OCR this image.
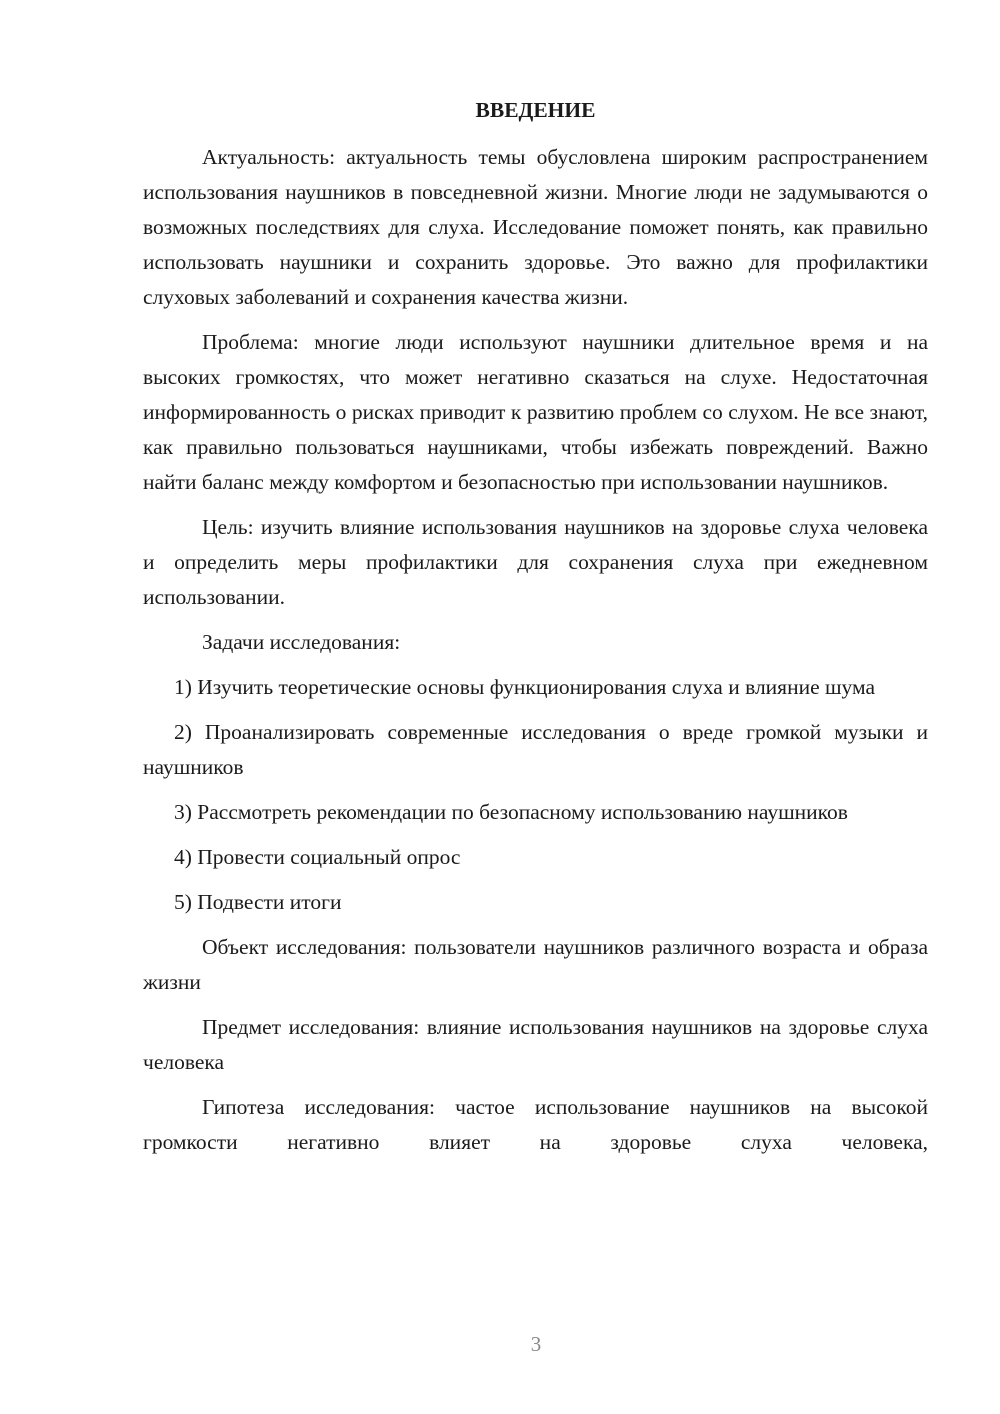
ВВЕДЕНИЕ

Актуальность: актуальность темы обусловлена широким распространением использования наушников в повседневной жизни. Многие люди не задумываются о возможных последствиях для слуха. Исследование поможет понять, как правильно использовать наушники и сохранить здоровье. Это важно для профилактики слуховых заболеваний и сохранения качества жизни.

Проблема: многие люди используют наушники длительное время и на высоких громкостях, что может негативно сказаться на слухе. Недостаточная информированность о рисках приводит к развитию проблем со слухом. Не все знают, как правильно пользоваться наушниками, чтобы избежать повреждений. Важно найти баланс между комфортом и безопасностью при использовании наушников.

Цель: изучить влияние использования наушников на здоровье слуха человека и определить меры профилактики для сохранения слуха при ежедневном использовании.

Задачи исследования:

1) Изучить теоретические основы функционирования слуха и влияние шума

2) Проанализировать современные исследования о вреде громкой музыки и наушников

3) Рассмотреть рекомендации по безопасному использованию наушников

4) Провести социальный опрос

5) Подвести итоги

Объект исследования: пользователи наушников различного возраста и образа жизни

Предмет исследования: влияние использования наушников на здоровье слуха человека

Гипотеза исследования: частое использование наушников на высокой громкости негативно влияет на здоровье слуха человека,

3
